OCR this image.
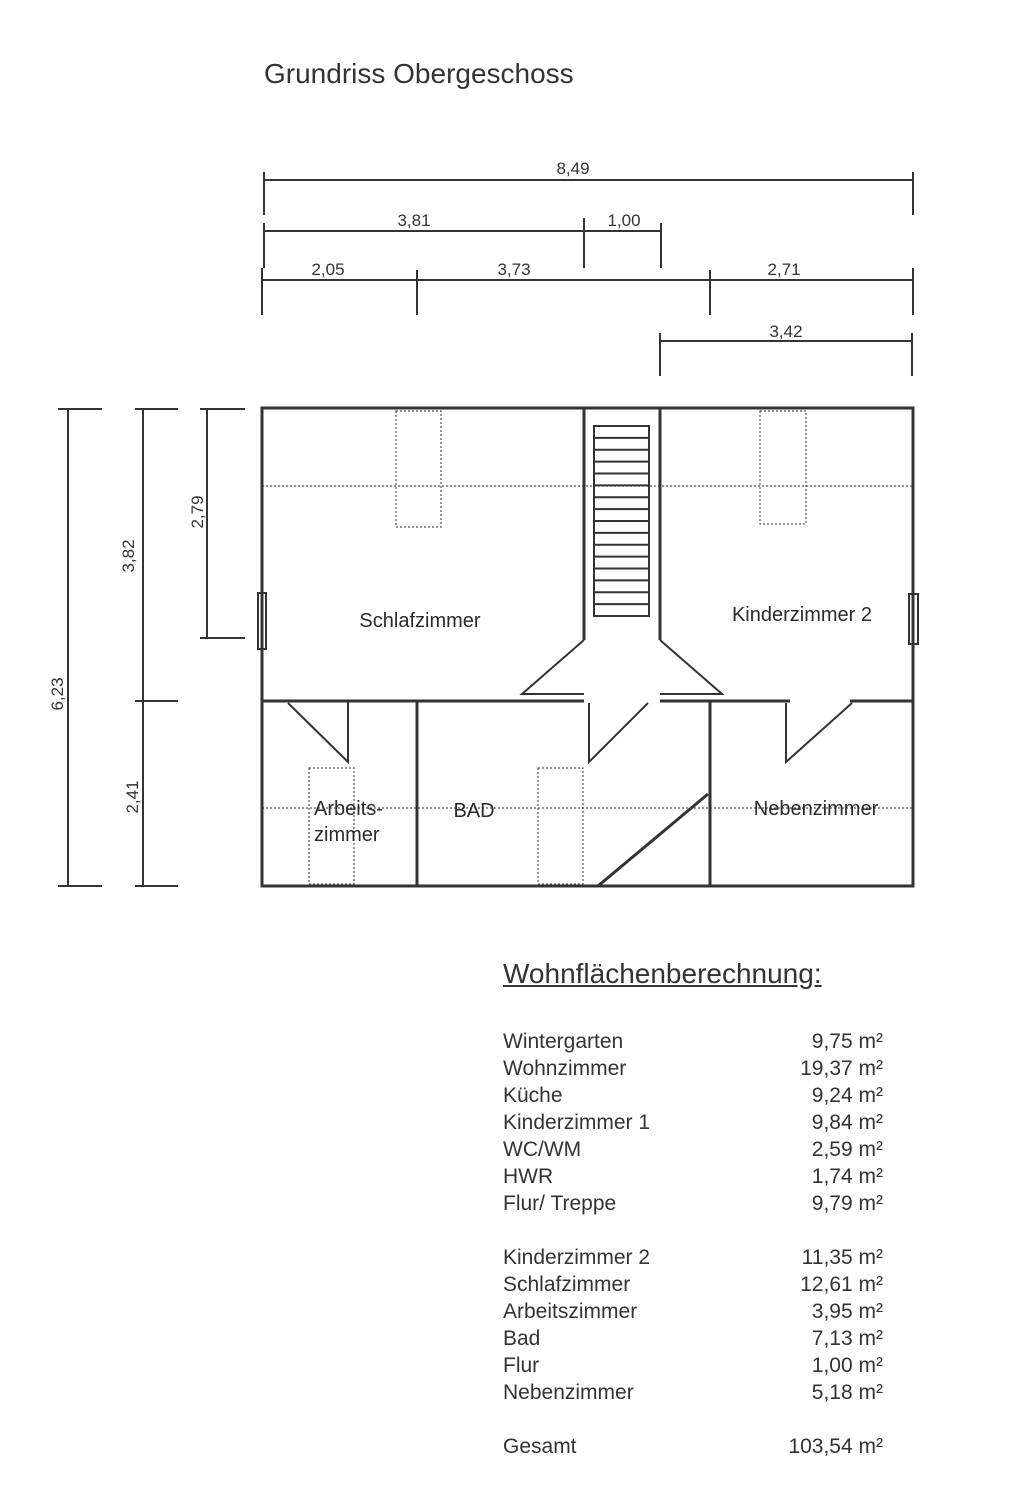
Grundriss Obergeschoss
8,49
3,81	1,00
2,05	3,73	2,71
3,42
6,23
3,82
2,41
2,79
Schlafzimmer	Kinderzimmer 2
Arbeits-
zimmer
BAD	Nebenzimmer
Wohnflächenberechnung:
Wintergarten	9,75 m²
Wohnzimmer	19,37 m²
Küche	9,24 m²
Kinderzimmer 1	9,84 m²
WC/WM	2,59 m²
HWR	1,74 m²
Flur/ Treppe	9,79 m²
Kinderzimmer 2	11,35 m²
Schlafzimmer	12,61 m²
Arbeitszimmer	3,95 m²
Bad	7,13 m²
Flur	1,00 m²
Nebenzimmer	5,18 m²
Gesamt	103,54 m²
